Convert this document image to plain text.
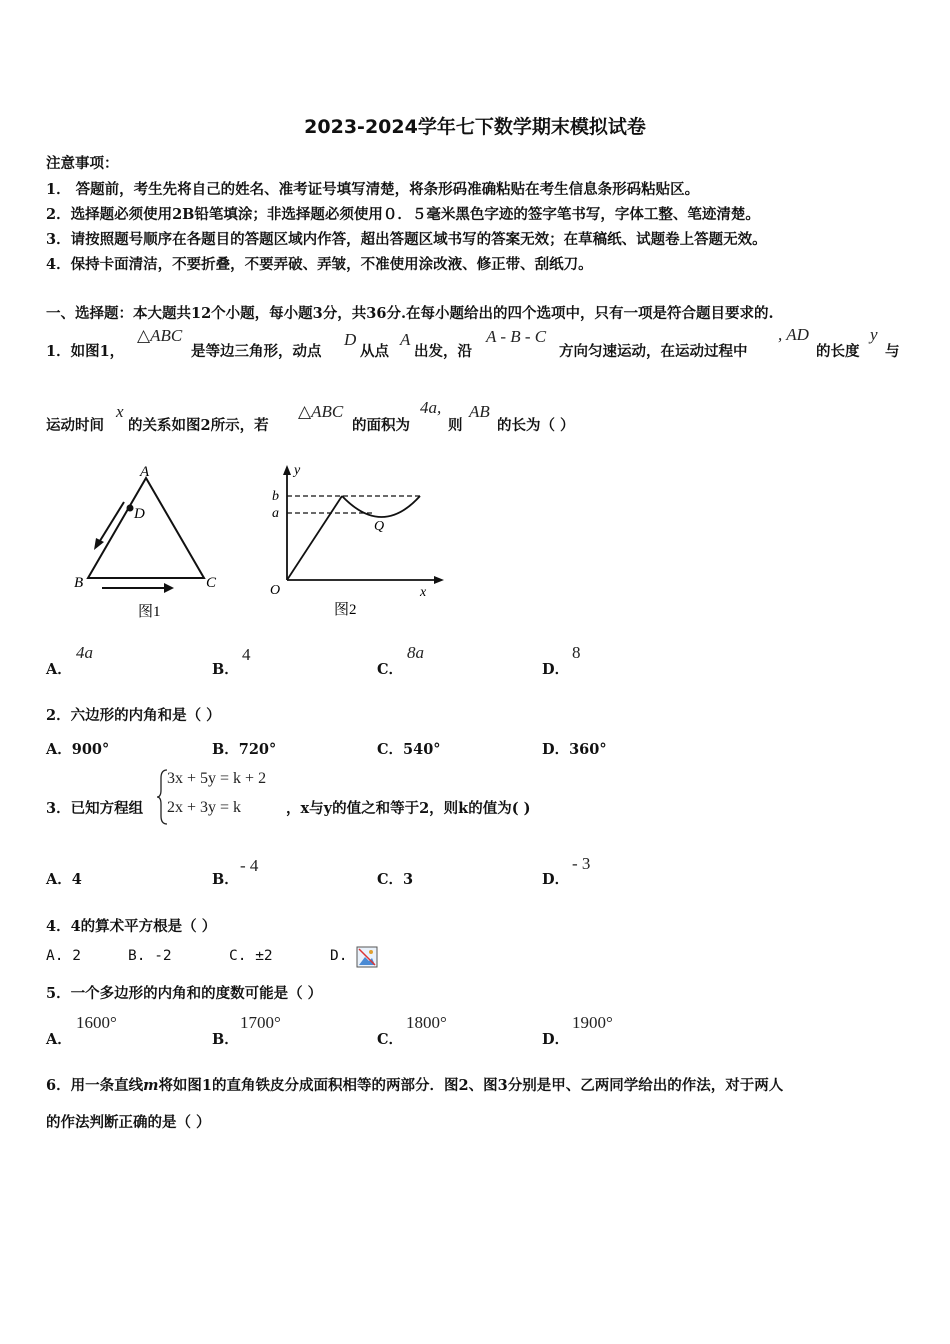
2023-2024学年七下数学期末模拟试卷
注意事项：
1． 答题前，考生先将自己的姓名、准考证号填写清楚，将条形码准确粘贴在考生信息条形码粘贴区。
2．选择题必须使用2B铅笔填涂；非选择题必须使用０．５毫米黑色字迹的签字笔书写，字体工整、笔迹清楚。
3．请按照题号顺序在各题目的答题区域内作答，超出答题区域书写的答案无效；在草稿纸、试题卷上答题无效。
4．保持卡面清洁，不要折叠，不要弄破、弄皱，不准使用涂改液、修正带、刮纸刀。
一、选择题：本大题共12个小题，每小题3分，共36分.在每小题给出的四个选项中，只有一项是符合题目要求的.
1．如图1，
△ABC
是等边三角形，动点
D
从点
A
出发，沿
A - B - C
方向匀速运动，在运动过程中
, AD
的长度
y
与
运动时间
x
的关系如图2所示，若
△ABC
的面积为
4a,
则
AB
的长为（ ）
A
D
B	C
图1
y
b
a
Q
O	x
图2
A．
4a
B．
4
C．
8a
D．
8
2．六边形的内角和是（ ）
A．900°	B．720°	C．540°	D．360°
3．已知方程组
3x + 5y = k + 2
2x + 3y = k	，x与y的值之和等于2，则k的值为( )
A．4	B．
- 4
C．3	D．
- 3
4．4的算术平方根是（ ）
A. 2	B. -2	C. ±2	D.
5．一个多边形的内角和的度数可能是（ ）
A．
1600°
B．
1700°
C．
1800°
D．
1900°
6．用一条直线m将如图1的直角铁皮分成面积相等的两部分．图2、图3分别是甲、乙两同学给出的作法，对于两人
的作法判断正确的是（ ）
